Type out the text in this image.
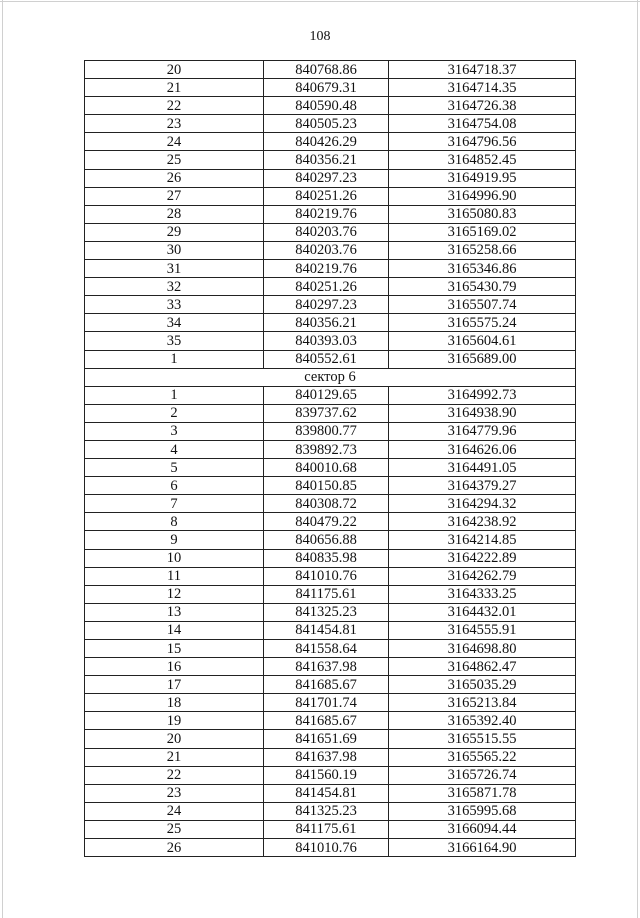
108
20	840768.86	3164718.37
21	840679.31	3164714.35
22	840590.48	3164726.38
23	840505.23	3164754.08
24	840426.29	3164796.56
25	840356.21	3164852.45
26	840297.23	3164919.95
27	840251.26	3164996.90
28	840219.76	3165080.83
29	840203.76	3165169.02
30	840203.76	3165258.66
31	840219.76	3165346.86
32	840251.26	3165430.79
33	840297.23	3165507.74
34	840356.21	3165575.24
35	840393.03	3165604.61
1	840552.61	3165689.00
сектор 6		
1	840129.65	3164992.73
2	839737.62	3164938.90
3	839800.77	3164779.96
4	839892.73	3164626.06
5	840010.68	3164491.05
6	840150.85	3164379.27
7	840308.72	3164294.32
8	840479.22	3164238.92
9	840656.88	3164214.85
10	840835.98	3164222.89
11	841010.76	3164262.79
12	841175.61	3164333.25
13	841325.23	3164432.01
14	841454.81	3164555.91
15	841558.64	3164698.80
16	841637.98	3164862.47
17	841685.67	3165035.29
18	841701.74	3165213.84
19	841685.67	3165392.40
20	841651.69	3165515.55
21	841637.98	3165565.22
22	841560.19	3165726.74
23	841454.81	3165871.78
24	841325.23	3165995.68
25	841175.61	3166094.44
26	841010.76	3166164.90
